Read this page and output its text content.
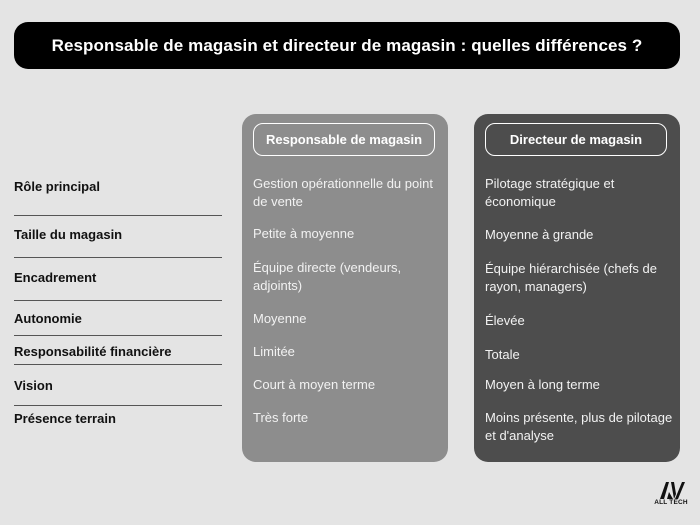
Responsable de magasin et directeur de magasin : quelles différences ?
Rôle principal
Taille du magasin
Encadrement
Autonomie
Responsabilité financière
Vision
Présence terrain
Responsable de magasin
Gestion opérationnelle du point de vente
Petite à moyenne
Équipe directe (vendeurs, adjoints)
Moyenne
Limitée
Court à moyen terme
Très forte
Directeur de magasin
Pilotage stratégique et économique
Moyenne à grande
Équipe hiérarchisée (chefs de rayon, managers)
Élevée
Totale
Moyen à long terme
Moins présente, plus de pilotage et d'analyse
ALL TECH
